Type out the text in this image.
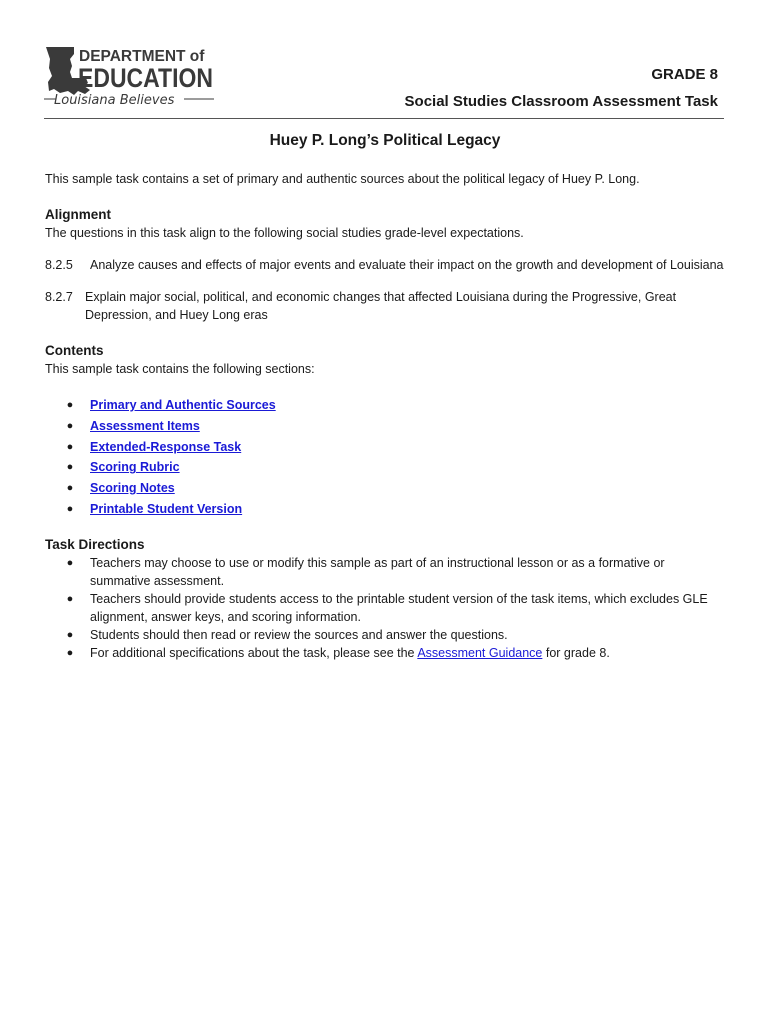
DEPARTMENT of
EDUCATION
Louisiana Believes
GRADE 8
Social Studies Classroom Assessment Task
Huey P. Long’s Political Legacy

This sample task contains a set of primary and authentic sources about the political legacy of Huey P. Long.

Alignment

The questions in this task align to the following social studies grade-level expectations.

8.2.5	Analyze causes and effects of major events and evaluate their impact on the growth and development of Louisiana
8.2.7 Explain major social, political, and economic changes that affected Louisiana during the Progressive, Great Depression, and Huey Long eras
Contents

This sample task contains the following sections:

●	Primary and Authentic Sources
●	Assessment Items
●	Extended-Response Task
●	Scoring Rubric
●	Scoring Notes
●	Printable Student Version
Task Directions
●	Teachers may choose to use or modify this sample as part of an instructional lesson or as a formative or summative assessment.
●	Teachers should provide students access to the printable student version of the task items, which excludes GLE alignment, answer keys, and scoring information.
●	Students should then read or review the sources and answer the questions.
●	For additional specifications about the task, please see the Assessment Guidance for grade 8.
